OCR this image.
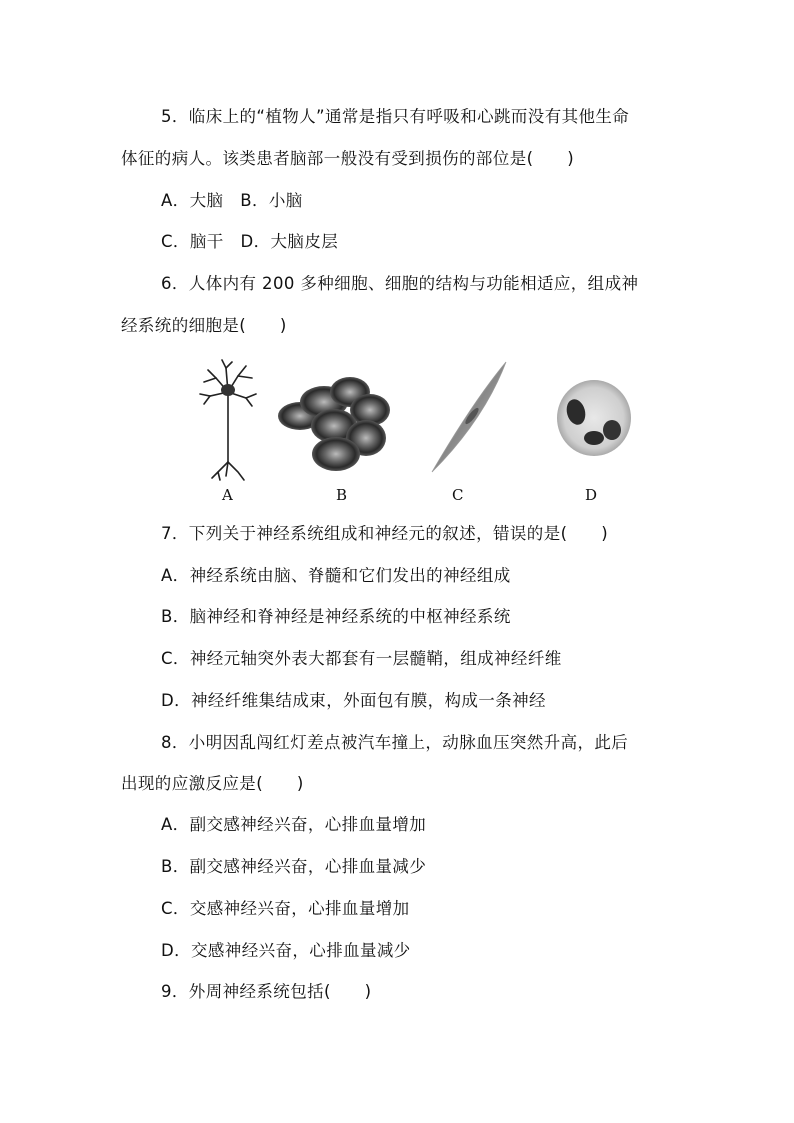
5．临床上的“植物人”通常是指只有呼吸和心跳而没有其他生命
体征的病人。该类患者脑部一般没有受到损伤的部位是(　　)
A．大脑　B．小脑
C．脑干　D．大脑皮层
6．人体内有 200 多种细胞、细胞的结构与功能相适应，组成神
经系统的细胞是(　　)
A	B	C	D
7．下列关于神经系统组成和神经元的叙述，错误的是(　　)
A．神经系统由脑、脊髓和它们发出的神经组成
B．脑神经和脊神经是神经系统的中枢神经系统
C．神经元轴突外表大都套有一层髓鞘，组成神经纤维
D．神经纤维集结成束，外面包有膜，构成一条神经
8．小明因乱闯红灯差点被汽车撞上，动脉血压突然升高，此后
出现的应激反应是(　　)
A．副交感神经兴奋，心排血量增加
B．副交感神经兴奋，心排血量减少
C．交感神经兴奋，心排血量增加
D．交感神经兴奋，心排血量减少
9．外周神经系统包括(　　)
